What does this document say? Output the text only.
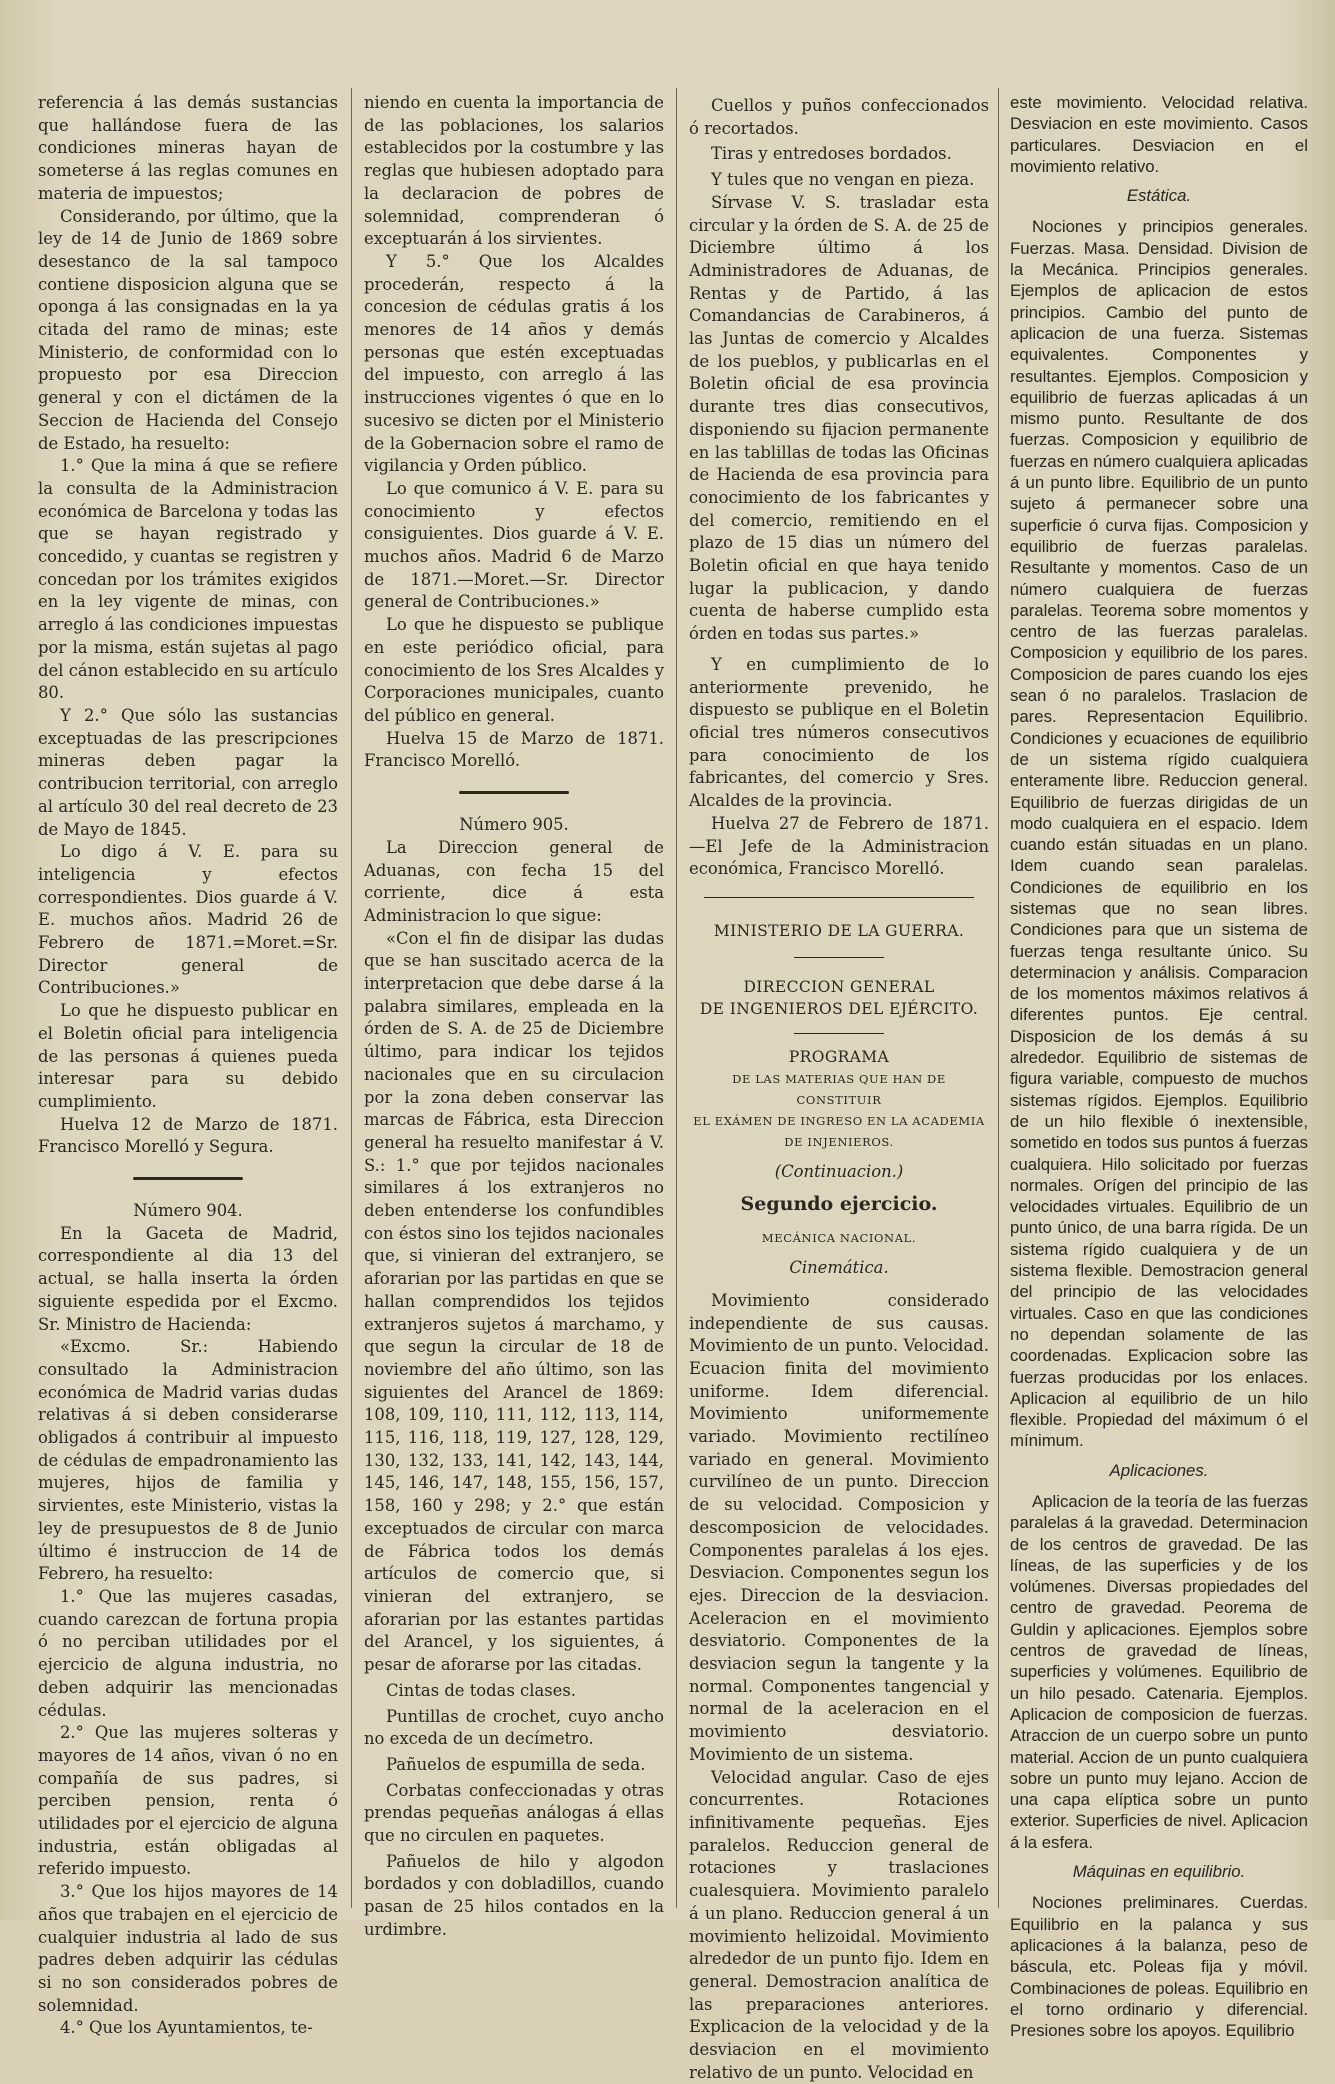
referencia á las demás sustancias que hallándose fuera de las condiciones mineras hayan de someterse á las reglas comunes en materia de impuestos;

Considerando, por último, que la ley de 14 de Junio de 1869 sobre desestanco de la sal tampoco contiene disposicion alguna que se oponga á las consignadas en la ya citada del ramo de minas; este Ministerio, de conformidad con lo propuesto por esa Direccion general y con el dictámen de la Seccion de Hacienda del Consejo de Estado, ha resuelto:

1.° Que la mina á que se refiere la consulta de la Administracion económica de Barcelona y todas las que se hayan registrado y concedido, y cuantas se registren y concedan por los trámites exigidos en la ley vigente de minas, con arreglo á las condiciones impuestas por la misma, están sujetas al pago del cánon establecido en su artículo 80.

Y 2.° Que sólo las sustancias exceptuadas de las prescripciones mineras deben pagar la contribucion territorial, con arreglo al artículo 30 del real decreto de 23 de Mayo de 1845.

Lo digo á V. E. para su inteligencia y efectos correspondientes. Dios guarde á V. E. muchos años. Madrid 26 de Febrero de 1871.=Moret.=Sr. Director general de Contribuciones.»

Lo que he dispuesto publicar en el Boletin oficial para inteligencia de las personas á quienes pueda interesar para su debido cumplimiento.

Huelva 12 de Marzo de 1871. Francisco Morelló y Segura.

Número 904.

En la Gaceta de Madrid, correspondiente al dia 13 del actual, se halla inserta la órden siguiente espedida por el Excmo. Sr. Ministro de Hacienda:

«Excmo. Sr.: Habiendo consultado la Administracion económica de Madrid varias dudas relativas á si deben considerarse obligados á contribuir al impuesto de cédulas de empadronamiento las mujeres, hijos de familia y sirvientes, este Ministerio, vistas la ley de presupuestos de 8 de Junio último é instruccion de 14 de Febrero, ha resuelto:

1.° Que las mujeres casadas, cuando carezcan de fortuna propia ó no perciban utilidades por el ejercicio de alguna industria, no deben adquirir las mencionadas cédulas.

2.° Que las mujeres solteras y mayores de 14 años, vivan ó no en compañía de sus padres, si perciben pension, renta ó utilidades por el ejercicio de alguna industria, están obligadas al referido impuesto.

3.° Que los hijos mayores de 14 años que trabajen en el ejercicio de cualquier industria al lado de sus padres deben adquirir las cédulas si no son considerados pobres de solemnidad.

4.° Que los Ayuntamientos, te-

niendo en cuenta la importancia de de las poblaciones, los salarios establecidos por la costumbre y las reglas que hubiesen adoptado para la declaracion de pobres de solemnidad, comprenderan ó exceptuarán á los sirvientes.

Y 5.° Que los Alcaldes procederán, respecto á la concesion de cédulas gratis á los menores de 14 años y demás personas que estén exceptuadas del impuesto, con arreglo á las instrucciones vigentes ó que en lo sucesivo se dicten por el Ministerio de la Gobernacion sobre el ramo de vigilancia y Orden público.

Lo que comunico á V. E. para su conocimiento y efectos consiguientes. Dios guarde á V. E. muchos años. Madrid 6 de Marzo de 1871.—Moret.—Sr. Director general de Contribuciones.»

Lo que he dispuesto se publique en este periódico oficial, para conocimiento de los Sres Alcaldes y Corporaciones municipales, cuanto del público en general.

Huelva 15 de Marzo de 1871. Francisco Morelló.

Número 905.

La Direccion general de Aduanas, con fecha 15 del corriente, dice á esta Administracion lo que sigue:

«Con el fin de disipar las dudas que se han suscitado acerca de la interpretacion que debe darse á la palabra similares, empleada en la órden de S. A. de 25 de Diciembre último, para indicar los tejidos nacionales que en su circulacion por la zona deben conservar las marcas de Fábrica, esta Direccion general ha resuelto manifestar á V. S.: 1.° que por tejidos nacionales similares á los extranjeros no deben entenderse los confundibles con éstos sino los tejidos nacionales que, si vinieran del extranjero, se aforarian por las partidas en que se hallan comprendidos los tejidos extranjeros sujetos á marchamo, y que segun la circular de 18 de noviembre del año último, son las siguientes del Arancel de 1869: 108, 109, 110, 111, 112, 113, 114, 115, 116, 118, 119, 127, 128, 129, 130, 132, 133, 141, 142, 143, 144, 145, 146, 147, 148, 155, 156, 157, 158, 160 y 298; y 2.° que están exceptuados de circular con marca de Fábrica todos los demás artículos de comercio que, si vinieran del extranjero, se aforarian por las estantes partidas del Arancel, y los siguientes, á pesar de aforarse por las citadas.

Cintas de todas clases.

Puntillas de crochet, cuyo ancho no exceda de un decímetro.

Pañuelos de espumilla de seda.

Corbatas confeccionadas y otras prendas pequeñas análogas á ellas que no circulen en paquetes.

Pañuelos de hilo y algodon bordados y con dobladillos, cuando pasan de 25 hilos contados en la urdimbre.

Cuellos y puños confeccionados ó recortados.

Tiras y entredoses bordados.

Y tules que no vengan en pieza.

Sírvase V. S. trasladar esta circular y la órden de S. A. de 25 de Diciembre último á los Administradores de Aduanas, de Rentas y de Partido, á las Comandancias de Carabineros, á las Juntas de comercio y Alcaldes de los pueblos, y publicarlas en el Boletin oficial de esa provincia durante tres dias consecutivos, disponiendo su fijacion permanente en las tablillas de todas las Oficinas de Hacienda de esa provincia para conocimiento de los fabricantes y del comercio, remitiendo en el plazo de 15 dias un número del Boletin oficial en que haya tenido lugar la publicacion, y dando cuenta de haberse cumplido esta órden en todas sus partes.»

Y en cumplimiento de lo anteriormente prevenido, he dispuesto se publique en el Boletin oficial tres números consecutivos para conocimiento de los fabricantes, del comercio y Sres. Alcaldes de la provincia.

Huelva 27 de Febrero de 1871. —El Jefe de la Administracion económica, Francisco Morelló.

MINISTERIO DE LA GUERRA.

DIRECCION GENERAL

DE INGENIEROS DEL EJÉRCITO.

PROGRAMA

DE LAS MATERIAS QUE HAN DE CONSTITUIR

EL EXÁMEN DE INGRESO EN LA ACADEMIA

DE INJENIEROS.

(Continuacion.)

Segundo ejercicio.

MECÁNICA NACIONAL.

Cinemática.

Movimiento considerado independiente de sus causas. Movimiento de un punto. Velocidad. Ecuacion finita del movimiento uniforme. Idem diferencial. Movimiento uniformemente variado. Movimiento rectilíneo variado en general. Movimiento curvilíneo de un punto. Direccion de su velocidad. Composicion y descomposicion de velocidades. Componentes paralelas á los ejes. Desviacion. Componentes segun los ejes. Direccion de la desviacion. Aceleracion en el movimiento desviatorio. Componentes de la desviacion segun la tangente y la normal. Componentes tangencial y normal de la aceleracion en el movimiento desviatorio. Movimiento de un sistema.

Velocidad angular. Caso de ejes concurrentes. Rotaciones infinitivamente pequeñas. Ejes paralelos. Reduccion general de rotaciones y traslaciones cualesquiera. Movimiento paralelo á un plano. Reduccion general á un movimiento helizoidal. Movimiento alrededor de un punto fijo. Idem en general. Demostracion analítica de las preparaciones anteriores. Explicacion de la velocidad y de la desviacion en el movimiento relativo de un punto. Velocidad en

este movimiento. Velocidad relativa. Desviacion en este movimiento. Casos particulares. Desviacion en el movimiento relativo.

Estática.

Nociones y principios generales. Fuerzas. Masa. Densidad. Division de la Mecánica. Principios generales. Ejemplos de aplicacion de estos principios. Cambio del punto de aplicacion de una fuerza. Sistemas equivalentes. Componentes y resultantes. Ejemplos. Composicion y equilibrio de fuerzas aplicadas á un mismo punto. Resultante de dos fuerzas. Composicion y equilibrio de fuerzas en número cualquiera aplicadas á un punto libre. Equilibrio de un punto sujeto á permanecer sobre una superficie ó curva fijas. Composicion y equilibrio de fuerzas paralelas. Resultante y momentos. Caso de un número cualquiera de fuerzas paralelas. Teorema sobre momentos y centro de las fuerzas paralelas. Composicion y equilibrio de los pares. Composicion de pares cuando los ejes sean ó no paralelos. Traslacion de pares. Representacion Equilibrio. Condiciones y ecuaciones de equilibrio de un sistema rígido cualquiera enteramente libre. Reduccion general. Equilibrio de fuerzas dirigidas de un modo cualquiera en el espacio. Idem cuando están situadas en un plano. Idem cuando sean paralelas. Condiciones de equilibrio en los sistemas que no sean libres. Condiciones para que un sistema de fuerzas tenga resultante único. Su determinacion y análisis. Comparacion de los momentos máximos relativos á diferentes puntos. Eje central. Disposicion de los demás á su alrededor. Equilibrio de sistemas de figura variable, compuesto de muchos sistemas rígidos. Ejemplos. Equilibrio de un hilo flexible ó inextensible, sometido en todos sus puntos á fuerzas cualquiera. Hilo solicitado por fuerzas normales. Orígen del principio de las velocidades virtuales. Equilibrio de un punto único, de una barra rígida. De un sistema rígido cualquiera y de un sistema flexible. Demostracion general del principio de las velocidades virtuales. Caso en que las condiciones no dependan solamente de las coordenadas. Explicacion sobre las fuerzas producidas por los enlaces. Aplicacion al equilibrio de un hilo flexible. Propiedad del máximum ó el mínimum.

Aplicaciones.

Aplicacion de la teoría de las fuerzas paralelas á la gravedad. Determinacion de los centros de gravedad. De las líneas, de las superficies y de los volúmenes. Diversas propiedades del centro de gravedad. Peorema de Guldin y aplicaciones. Ejemplos sobre centros de gravedad de líneas, superficies y volúmenes. Equilibrio de un hilo pesado. Catenaria. Ejemplos. Aplicacion de composicion de fuerzas. Atraccion de un cuerpo sobre un punto material. Accion de un punto cualquiera sobre un punto muy lejano. Accion de una capa elíptica sobre un punto exterior. Superficies de nivel. Aplicacion á la esfera.

Máquinas en equilibrio.

Nociones preliminares. Cuerdas. Equilibrio en la palanca y sus aplicaciones á la balanza, peso de báscula, etc. Poleas fija y móvil. Combinaciones de poleas. Equilibrio en el torno ordinario y diferencial. Presiones sobre los apoyos. Equilibrio
